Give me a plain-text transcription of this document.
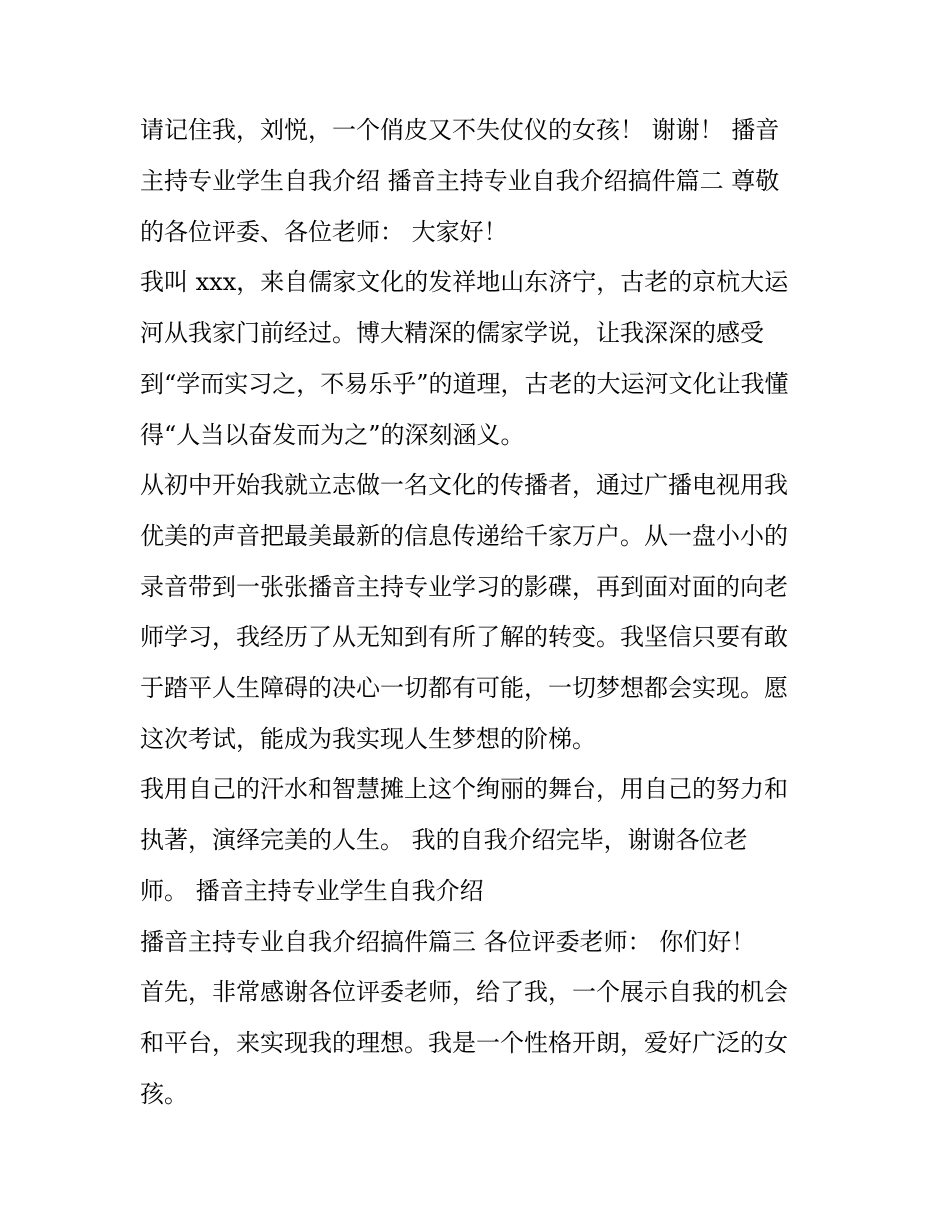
请记住我，刘悦，一个俏皮又不失仗仪的女孩！ 谢谢！ 播音

主持专业学生自我介绍 播音主持专业自我介绍搞件篇二 尊敬

的各位评委、各位老师： 大家好！

我叫 xxx，来自儒家文化的发祥地山东济宁，古老的京杭大运

河从我家门前经过。博大精深的儒家学说，让我深深的感受

到“学而实习之，不易乐乎”的道理，古老的大运河文化让我懂

得“人当以奋发而为之”的深刻涵义。

从初中开始我就立志做一名文化的传播者，通过广播电视用我

优美的声音把最美最新的信息传递给千家万户。从一盘小小的

录音带到一张张播音主持专业学习的影碟，再到面对面的向老

师学习，我经历了从无知到有所了解的转变。我坚信只要有敢

于踏平人生障碍的决心一切都有可能，一切梦想都会实现。愿

这次考试，能成为我实现人生梦想的阶梯。

我用自己的汗水和智慧摊上这个绚丽的舞台，用自己的努力和

执著，演绎完美的人生。 我的自我介绍完毕，谢谢各位老

师。 播音主持专业学生自我介绍

播音主持专业自我介绍搞件篇三 各位评委老师： 你们好！

首先，非常感谢各位评委老师，给了我，一个展示自我的机会

和平台，来实现我的理想。我是一个性格开朗，爱好广泛的女

孩。
